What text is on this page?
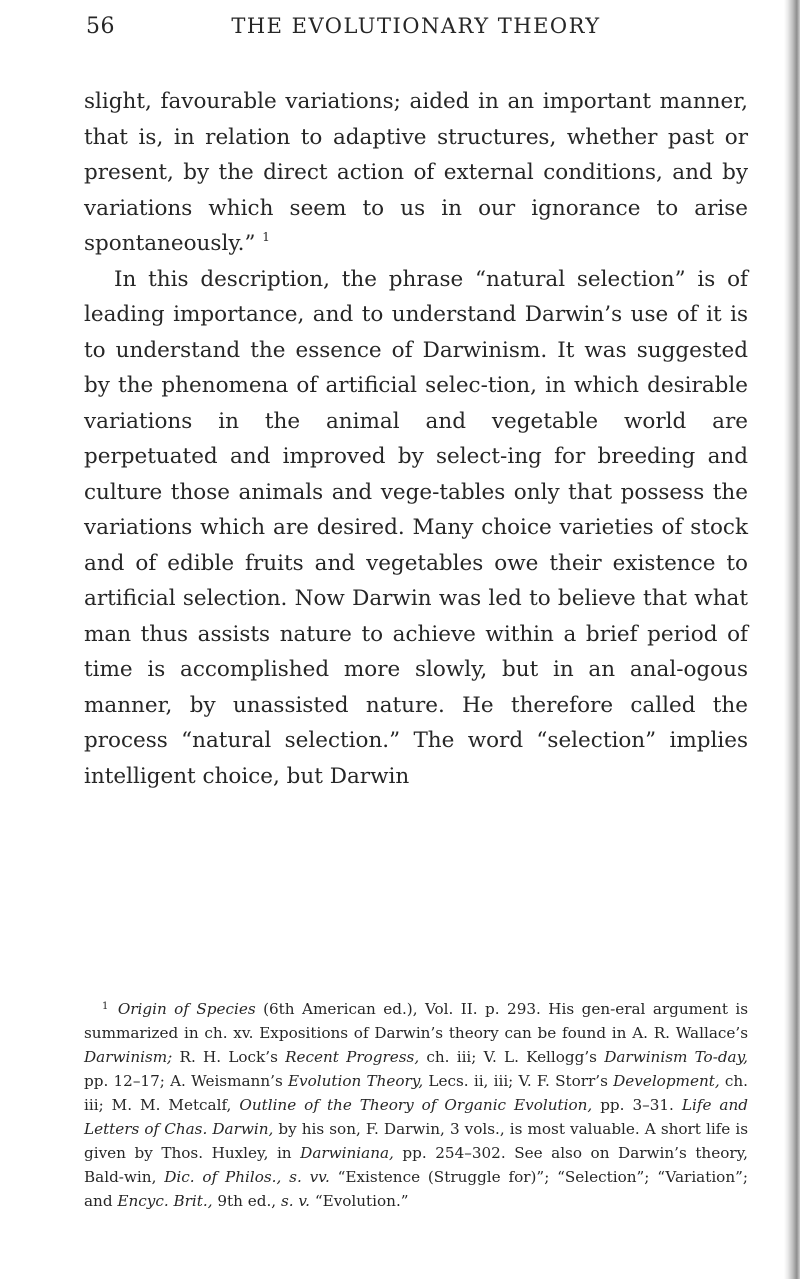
56	THE EVOLUTIONARY THEORY

slight, favourable variations; aided in an important manner, that is, in relation to adaptive structures, whether past or present, by the direct action of external conditions, and by variations which seem to us in our ignorance to arise spontaneously.” $^1$

In this description, the phrase “natural selection” is of leading importance, and to understand Darwin’s use of it is to understand the essence of Darwinism. It was suggested by the phenomena of artificial selec-tion, in which desirable variations in the animal and vegetable world are perpetuated and improved by select-ing for breeding and culture those animals and vege-tables only that possess the variations which are desired. Many choice varieties of stock and of edible fruits and vegetables owe their existence to artificial selection. Now Darwin was led to believe that what man thus assists nature to achieve within a brief period of time is accomplished more slowly, but in an anal-ogous manner, by unassisted nature. He therefore called the process “natural selection.” The word “selection” implies intelligent choice, but Darwin

$^1$ Origin of Species (6th American ed.), Vol. II. p. 293. His gen-eral argument is summarized in ch. xv. Expositions of Darwin’s theory can be found in A. R. Wallace’s Darwinism; R. H. Lock’s Recent Progress, ch. iii; V. L. Kellogg’s Darwinism To-day, pp. 12–17; A. Weismann’s Evolution Theory, Lecs. ii, iii; V. F. Storr’s Development, ch. iii; M. M. Metcalf, Outline of the Theory of Organic Evolution, pp. 3–31. Life and Letters of Chas. Darwin, by his son, F. Darwin, 3 vols., is most valuable. A short life is given by Thos. Huxley, in Darwiniana, pp. 254–302. See also on Darwin’s theory, Bald-win, Dic. of Philos., s. vv. “Existence (Struggle for)”; “Selection”; “Variation”; and Encyc. Brit., 9th ed., s. v. “Evolution.”
